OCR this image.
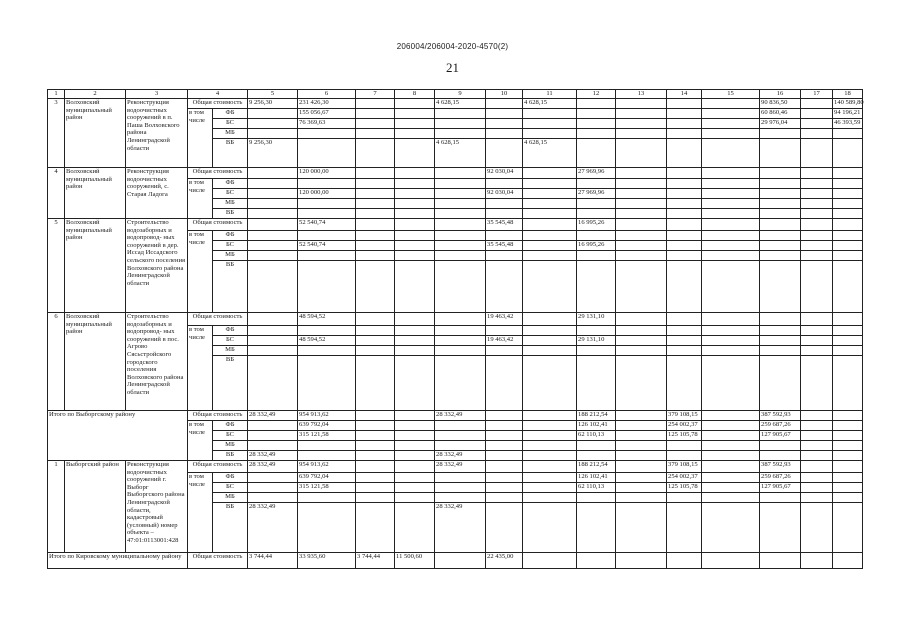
206004/206004-2020-4570(2)
21
1	2	3	4		5	6	7	8	9	10	11	12	13	14	15	16	17	18
3	Волховский муниципальный район	Реконструкция водоочистных сооружений в п. Паша Волховского района Ленинградской области	Общая стоимость		9 256,30	231 426,30			4 628,15		4 628,15					90 836,50		140 589,80
			в том числе	ФБ		155 056,67										60 860,46		94 196,21
				БС		76 369,63										29 976,04		46 393,59
				МБ														
				ВБ	9 256,30				4 628,15		4 628,15							
4	Волховский муниципальный район	Реконструкция водоочистных сооружений, с. Старая Ладога	Общая стоимость			120 000,00				92 030,04		27 969,96						
			в том числе	ФБ														
				БС		120 000,00				92 030,04		27 969,96						
				МБ														
				ВБ														
5	Волховский муниципальный район	Строительство водозаборных и водопровод- ных сооружений в дер. Иссад Иссадского сельского поселения Волховского района Ленинградской области	Общая стоимость			52 540,74				35 545,48		16 995,26						
			в том числе	ФБ														
				БС		52 540,74				35 545,48		16 995,26						
				МБ														
				ВБ														
6	Волховский муниципальный район	Строительство водозаборных и водопровод- ных сооружений в пос. Агрово Сясьстройского городского поселения Волховского района Ленинградской области	Общая стоимость			48 594,52				19 463,42		29 131,10						
			в том числе	ФБ														
				БС		48 594,52				19 463,42		29 131,10						
				МБ														
				ВБ														
Итого по Выборгскому району			Общая стоимость		28 332,49	954 913,62			28 332,49			188 212,54		379 108,15		387 592,93		
			в том числе	ФБ		639 792,04						126 102,41		254 002,37		259 687,26		
				БС		315 121,58						62 110,13		125 105,78		127 905,67		
				МБ														
				ВБ	28 332,49				28 332,49									
1	Выборгский район	Реконструкция водоочистных сооружений г. Выборг Выборгского района Ленинградской области, кадастровый (условный) номер объекта – 47:01:0113001:428	Общая стоимость		28 332,49	954 913,62			28 332,49			188 212,54		379 108,15		387 592,93		
			в том числе	ФБ		639 792,04						126 102,41		254 002,37		259 687,26		
				БС		315 121,58						62 110,13		125 105,78		127 905,67		
				МБ														
				ВБ	28 332,49				28 332,49									
Итого по Кировскому муниципальному району			Общая стоимость		3 744,44	33 935,60	3 744,44	11 500,60		22 435,00								
